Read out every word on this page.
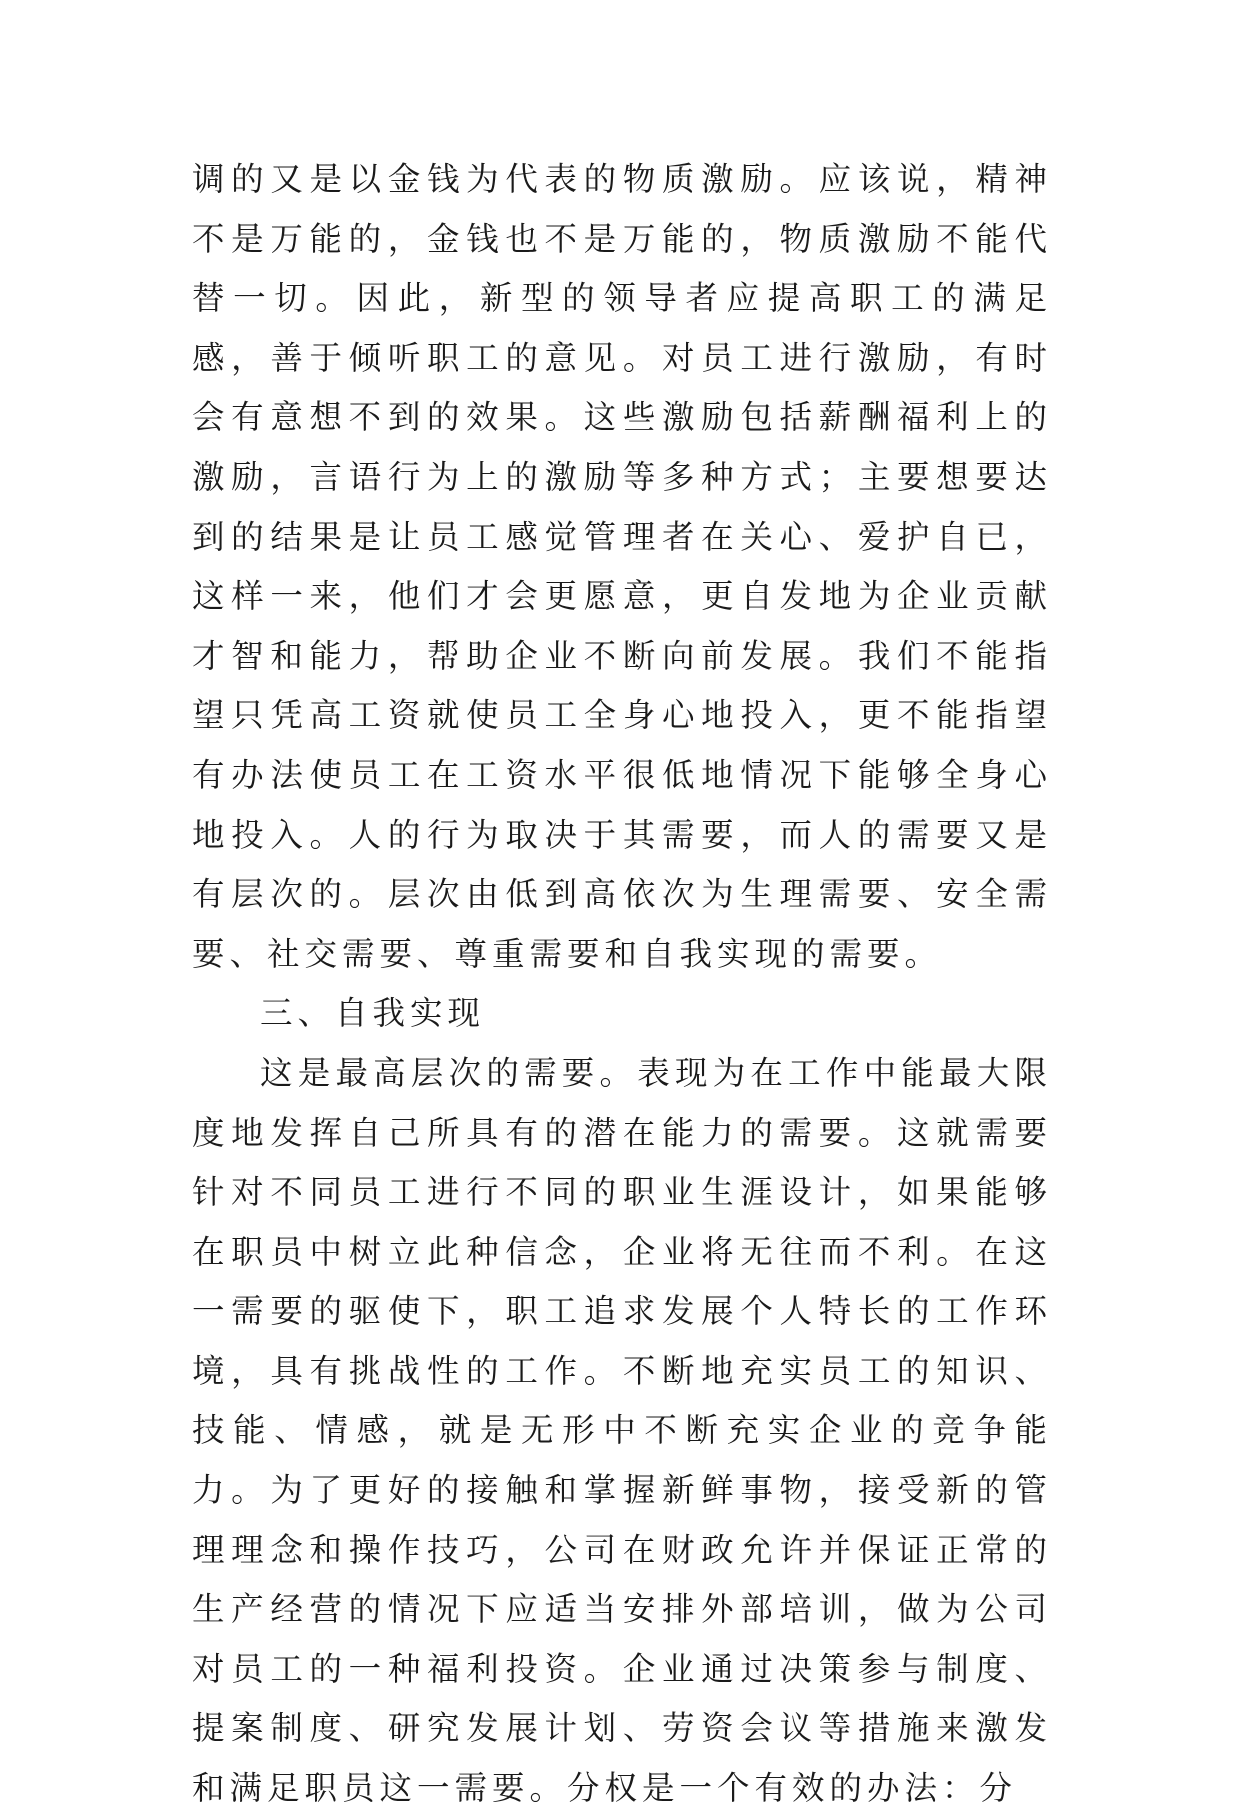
调的又是以金钱为代表的物质激励。应该说，精神不是万能的，金钱也不是万能的，物质激励不能代替一切。因此，新型的领导者应提高职工的满足感，善于倾听职工的意见。对员工进行激励，有时会有意想不到的效果。这些激励包括薪酬福利上的激励，言语行为上的激励等多种方式；主要想要达到的结果是让员工感觉管理者在关心、爱护自已，这样一来，他们才会更愿意，更自发地为企业贡献才智和能力，帮助企业不断向前发展。我们不能指望只凭高工资就使员工全身心地投入，更不能指望有办法使员工在工资水平很低地情况下能够全身心地投入。人的行为取决于其需要，而人的需要又是有层次的。层次由低到高依次为生理需要、安全需要、社交需要、尊重需要和自我实现的需要。

三、自我实现

这是最高层次的需要。表现为在工作中能最大限度地发挥自己所具有的潜在能力的需要。这就需要针对不同员工进行不同的职业生涯设计，如果能够在职员中树立此种信念，企业将无往而不利。在这一需要的驱使下，职工追求发展个人特长的工作环境，具有挑战性的工作。不断地充实员工的知识、技能、情感，就是无形中不断充实企业的竞争能力。为了更好的接触和掌握新鲜事物，接受新的管理理念和操作技巧，公司在财政允许并保证正常的生产经营的情况下应适当安排外部培训，做为公司对员工的一种福利投资。企业通过决策参与制度、提案制度、研究发展计划、劳资会议等措施来激发和满足职员这一需要。分权是一个有效的办法：分
